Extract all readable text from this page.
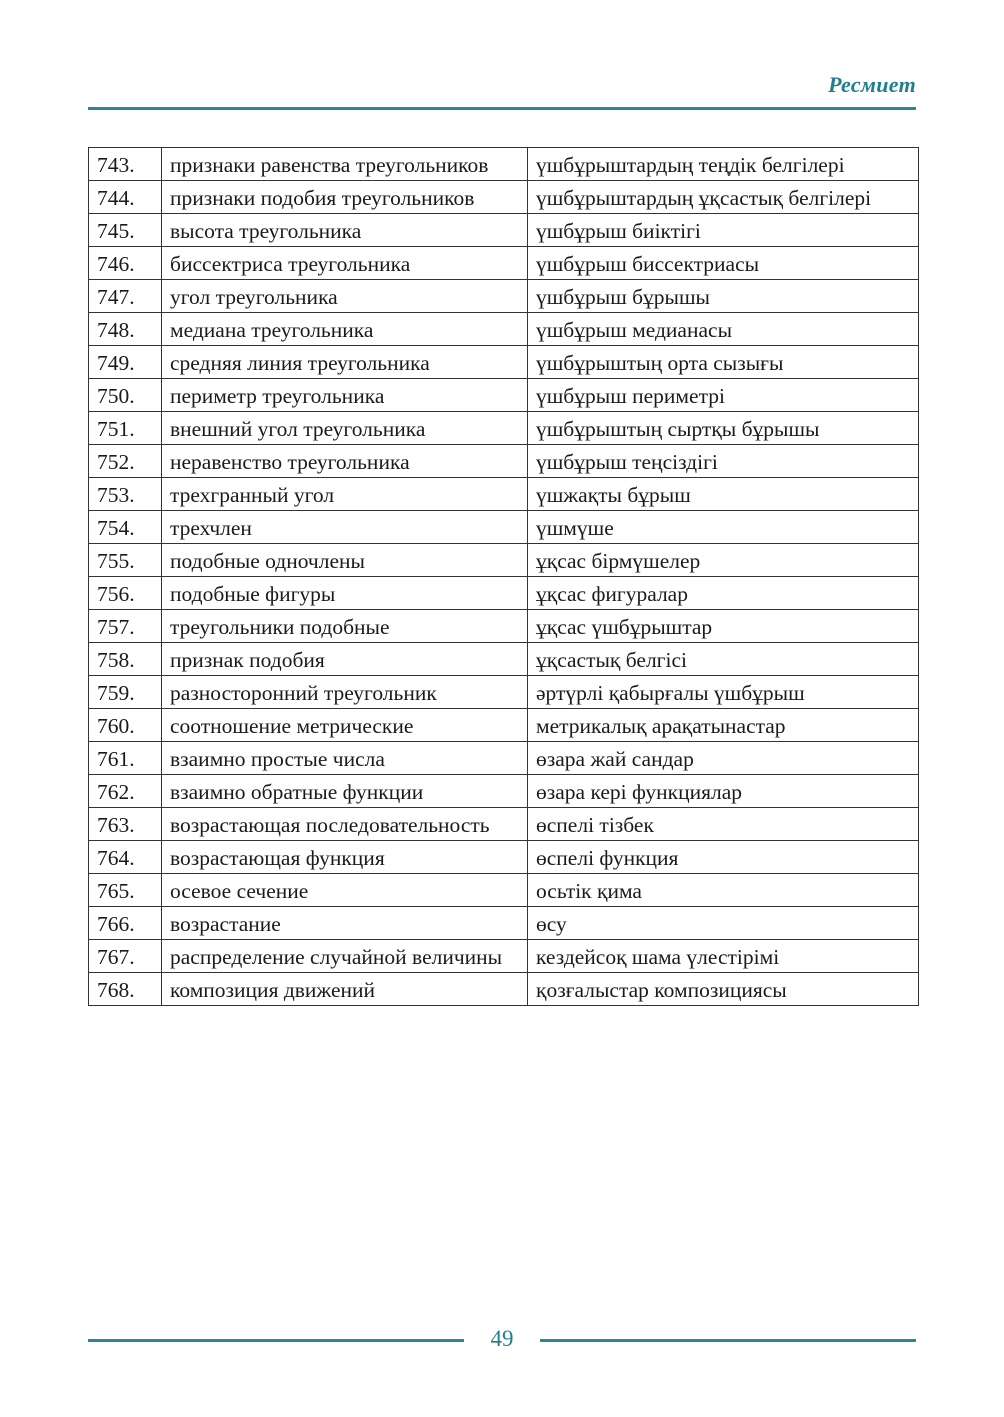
Ресмиет
743.	признаки равенства треугольников	үшбұрыштардың теңдік белгілері
744.	признаки подобия треугольников	үшбұрыштардың ұқсастық белгілері
745.	высота треугольника	үшбұрыш биіктігі
746.	биссектриса треугольника	үшбұрыш биссектриасы
747.	угол треугольника	үшбұрыш бұрышы
748.	медиана треугольника	үшбұрыш медианасы
749.	средняя линия треугольника	үшбұрыштың орта сызығы
750.	периметр треугольника	үшбұрыш периметрі
751.	внешний угол треугольника	үшбұрыштың сыртқы бұрышы
752.	неравенство треугольника	үшбұрыш теңсіздігі
753.	трехгранный угол	үшжақты бұрыш
754.	трехчлен	үшмүше
755.	подобные одночлены	ұқсас бірмүшелер
756.	подобные фигуры	ұқсас фигуралар
757.	треугольники подобные	ұқсас үшбұрыштар
758.	признак подобия	ұқсастық белгісі
759.	разносторонний треугольник	әртүрлі қабырғалы үшбұрыш
760.	соотношение метрические	метрикалық арақатынастар
761.	взаимно простые числа	өзара жай сандар
762.	взаимно обратные функции	өзара кері функциялар
763.	возрастающая последовательность	өспелі тізбек
764.	возрастающая функция	өспелі функция
765.	осевое сечение	осьтік қима
766.	возрастание	өсу
767.	распределение случайной величины	кездейсоқ шама үлестірімі
768.	композиция движений	қозғалыстар композициясы
49
